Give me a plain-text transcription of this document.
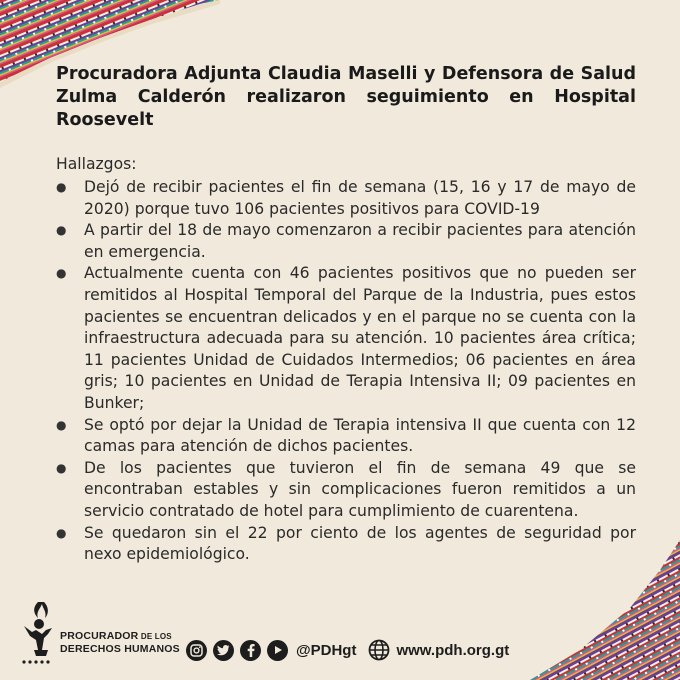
Procuradora Adjunta Claudia Maselli y Defensora de Salud Zulma Calderón realizaron seguimiento en Hospital Roosevelt

Hallazgos:

● Dejó de recibir pacientes el fin de semana (15, 16 y 17 de mayo de 2020) porque tuvo 106 pacientes positivos para COVID-19
● A partir del 18 de mayo comenzaron a recibir pacientes para atención en emergencia.
● Actualmente cuenta con 46 pacientes positivos que no pueden ser remitidos al Hospital Temporal del Parque de la Industria, pues estos pacientes se encuentran delicados y en el parque no se cuenta con la infraestructura adecuada para su atención. 10 pacientes área crítica; 11 pacientes Unidad de Cuidados Intermedios; 06 pacientes en área gris; 10 pacientes en Unidad de Terapia Intensiva II; 09 pacientes en Bunker;
● Se optó por dejar la Unidad de Terapia intensiva II que cuenta con 12 camas para atención de dichos pacientes.
● De los pacientes que tuvieron el fin de semana 49 que se encontraban estables y sin complicaciones fueron remitidos a un servicio contratado de hotel para cumplimiento de cuarentena.
● Se quedaron sin el 22 por ciento de los agentes de seguridad por nexo epidemiológico.
PROCURADOR DE LOS
DERECHOS HUMANOS	@PDHgt	www.pdh.org.gt
